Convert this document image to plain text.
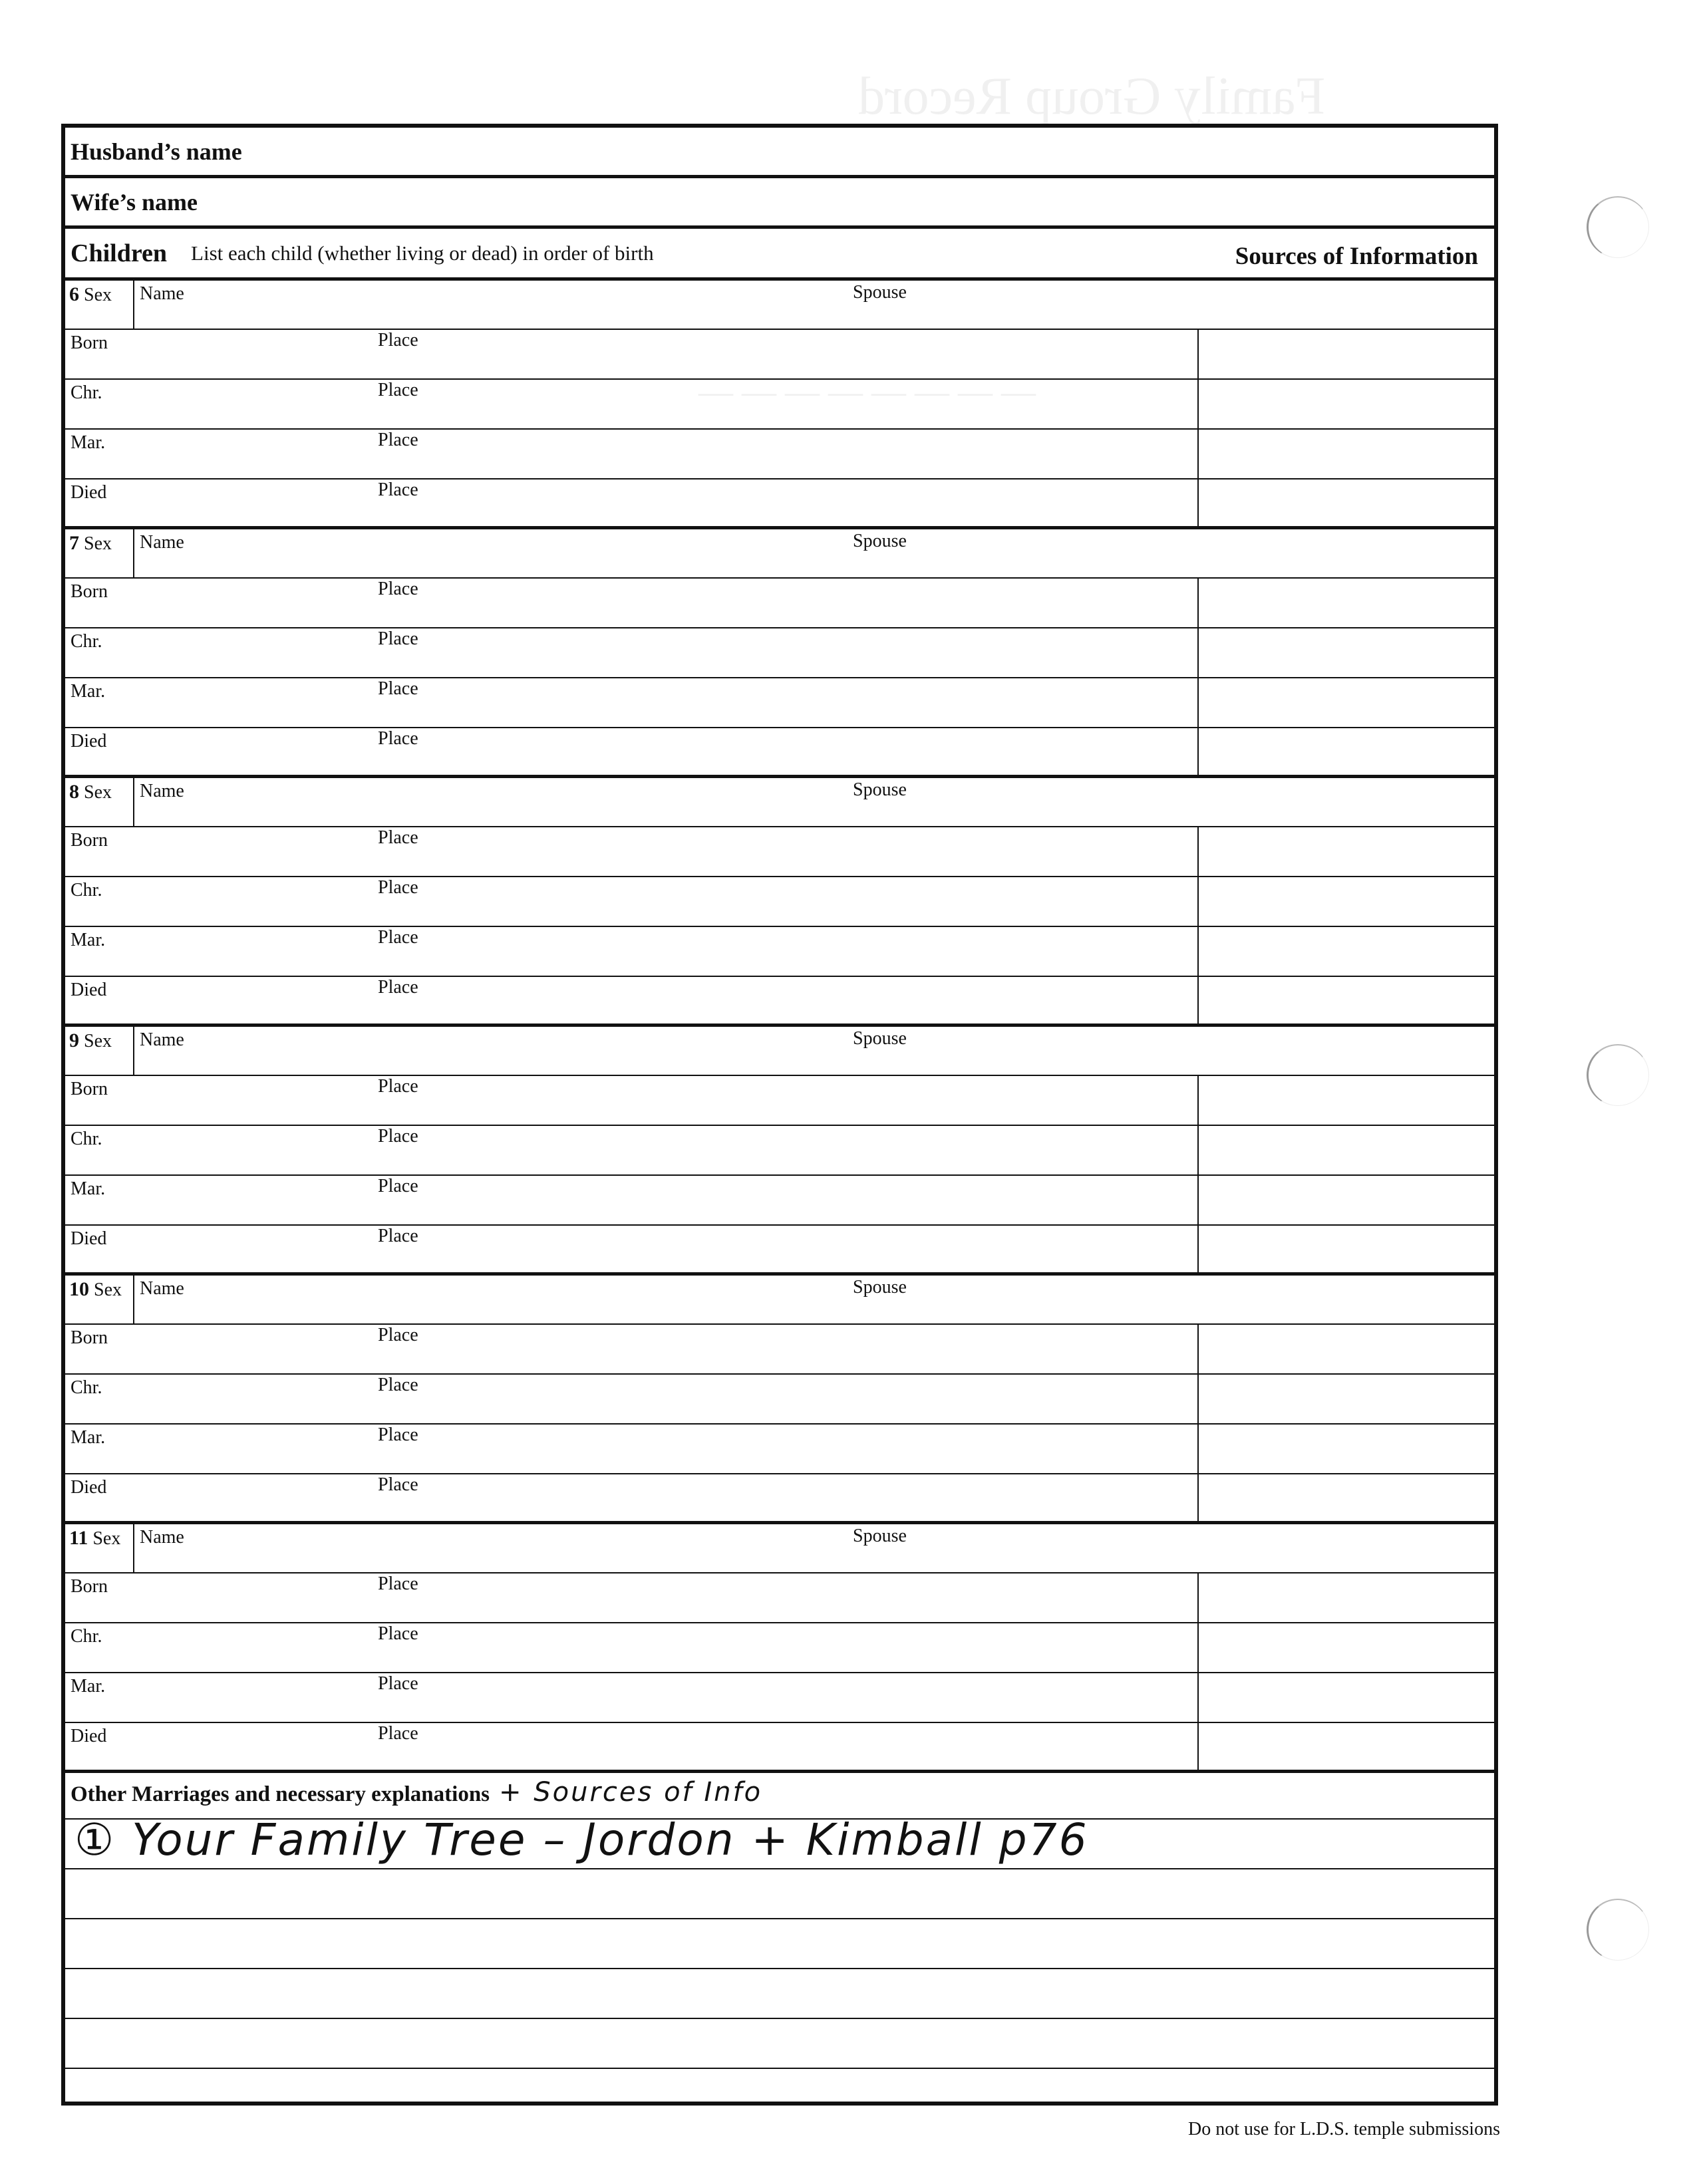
Family Group Record
— — — — — — — —
Husband’s name
Wife’s name
Children List each child (whether living or dead) in order of birth	Sources of Information
6 Sex	Name	Spouse
Born	Place
Chr.	Place
Mar.	Place
Died	Place
7 Sex	Name	Spouse
Born	Place
Chr.	Place
Mar.	Place
Died	Place
8 Sex	Name	Spouse
Born	Place
Chr.	Place
Mar.	Place
Died	Place
9 Sex	Name	Spouse
Born	Place
Chr.	Place
Mar.	Place
Died	Place
10 Sex Name	Spouse
Born	Place
Chr.	Place
Mar.	Place
Died	Place
11 Sex	Name	Spouse
Born	Place
Chr.	Place
Mar.	Place
Died	Place
Other Marriages and necessary explanations + Sources of Info
① Your Family Tree – Jordon + Kimball p76
Do not use for L.D.S. temple submissions
